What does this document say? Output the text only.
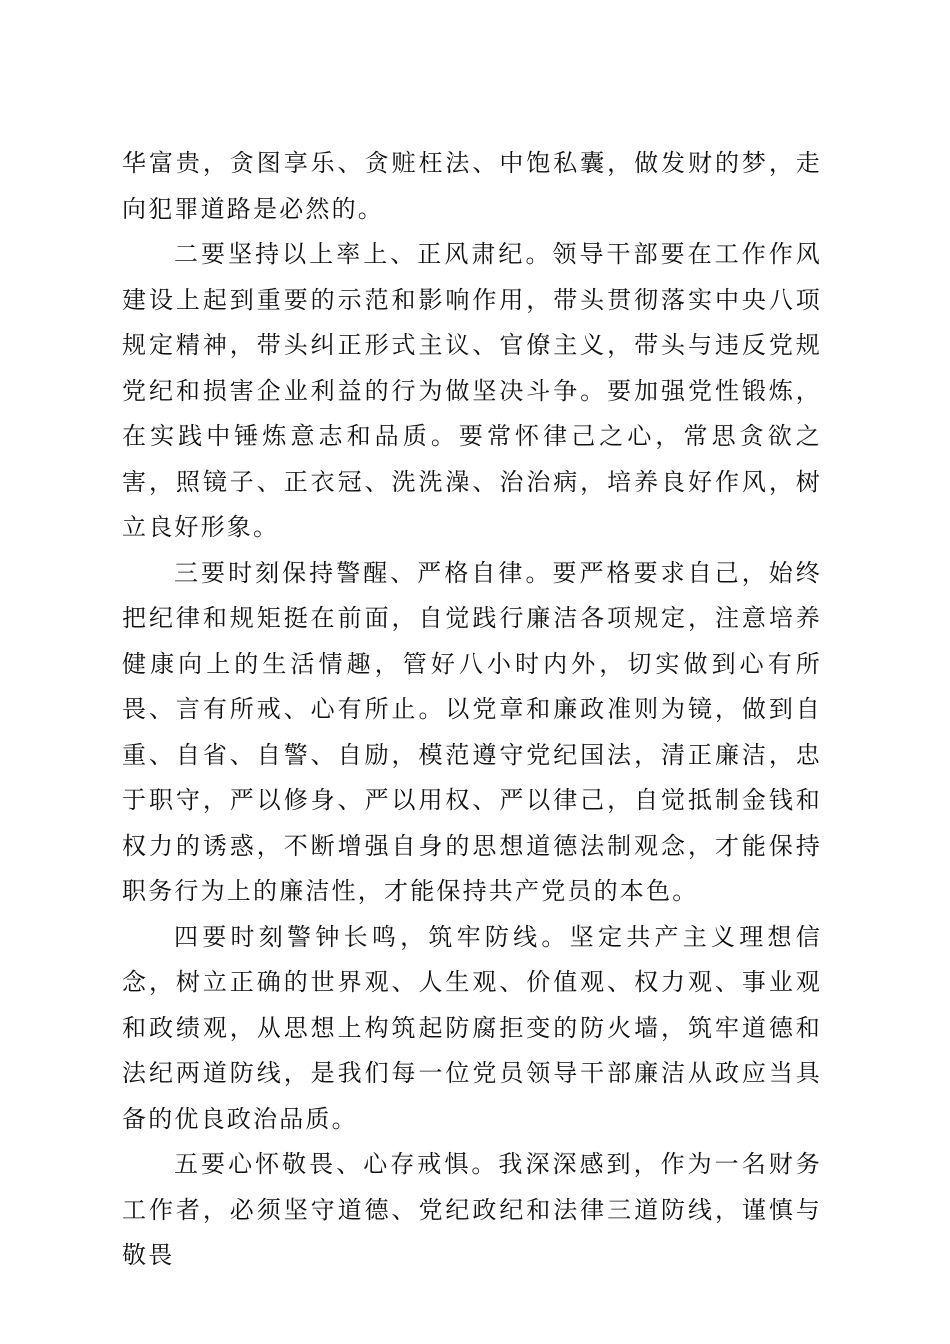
华富贵，贪图享乐、贪赃枉法、中饱私囊，做发财的梦，走向犯罪道路是必然的。

二要坚持以上率上、正风肃纪。领导干部要在工作作风建设上起到重要的示范和影响作用，带头贯彻落实中央八项规定精神，带头纠正形式主议、官僚主义，带头与违反党规党纪和损害企业利益的行为做坚决斗争。要加强党性锻炼，在实践中锤炼意志和品质。要常怀律己之心，常思贪欲之害，照镜子、正衣冠、洗洗澡、治治病，培养良好作风，树立良好形象。

三要时刻保持警醒、严格自律。要严格要求自己，始终把纪律和规矩挺在前面，自觉践行廉洁各项规定，注意培养健康向上的生活情趣，管好八小时内外，切实做到心有所畏、言有所戒、心有所止。以党章和廉政准则为镜，做到自重、自省、自警、自励，模范遵守党纪国法，清正廉洁，忠于职守，严以修身、严以用权、严以律己，自觉抵制金钱和权力的诱惑，不断增强自身的思想道德法制观念，才能保持职务行为上的廉洁性，才能保持共产党员的本色。

四要时刻警钟长鸣，筑牢防线。坚定共产主义理想信念，树立正确的世界观、人生观、价值观、权力观、事业观和政绩观，从思想上构筑起防腐拒变的防火墙，筑牢道德和法纪两道防线，是我们每一位党员领导干部廉洁从政应当具备的优良政治品质。

五要心怀敬畏、心存戒惧。我深深感到，作为一名财务工作者，必须坚守道德、党纪政纪和法律三道防线，谨慎与敬畏
